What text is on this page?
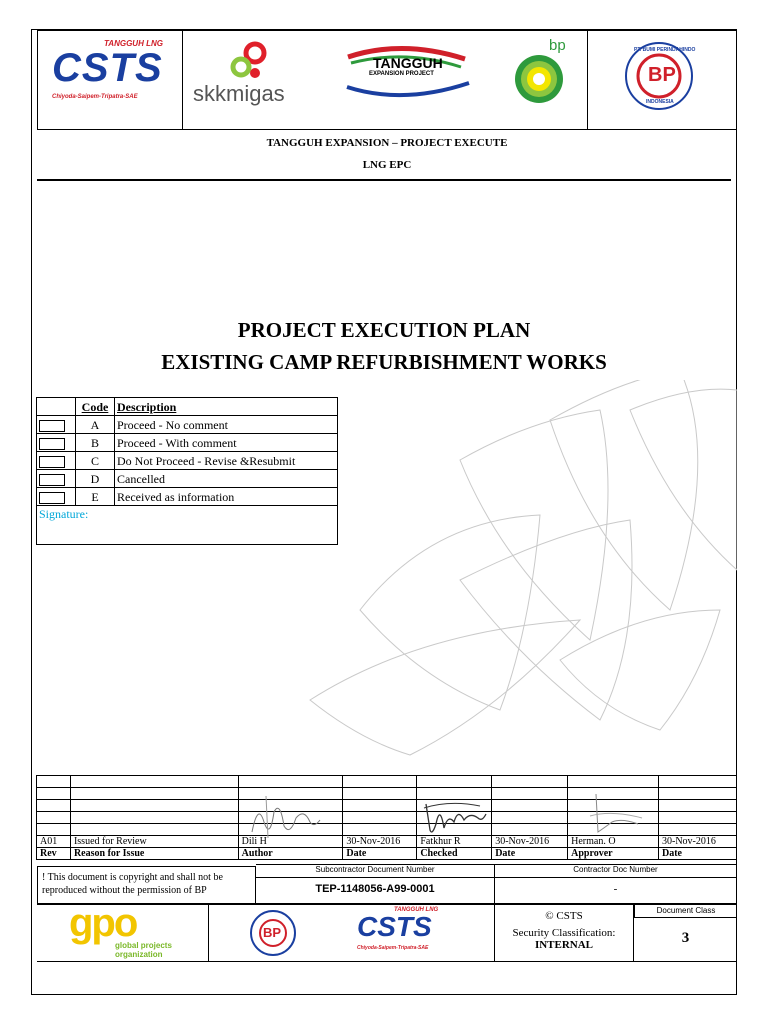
TANGGUH LNG
CSTS
Chiyoda-Saipem-Tripatra-SAE	skkmigas
TANGGUH
EXPANSION PROJECT
bp
BP
PT. BUMI PERINDAHINDO
INDONESIA
TANGGUH EXPANSION – PROJECT EXECUTE
LNG EPC
PROJECT EXECUTION PLAN
EXISTING CAMP REFURBISHMENT WORKS
	Code	Description

	A	Proceed - No comment

	B	Proceed - With comment

	C	Do Not Proceed - Revise &Resubmit

	D	Cancelled

	E	Received as information
Signature:		

A01	Issued for Review	Dili H	30-Nov-2016	Fatkhur R	30-Nov-2016	Herman. O	30-Nov-2016
Rev	Reason for Issue	Author	Date	Checked	Date	Approver	Date
! This document is copyright and shall not be reproduced without the permission of BP
Subcontractor Document Number
TEP-1148056-A99-0001
Contractor Doc Number
-
gpo
global projects
organization
BP
TANGGUH LNG
CSTS
Chiyoda-Saipem-Tripatra-SAE
© CSTS
Security Classification:
INTERNAL
Document Class
3
